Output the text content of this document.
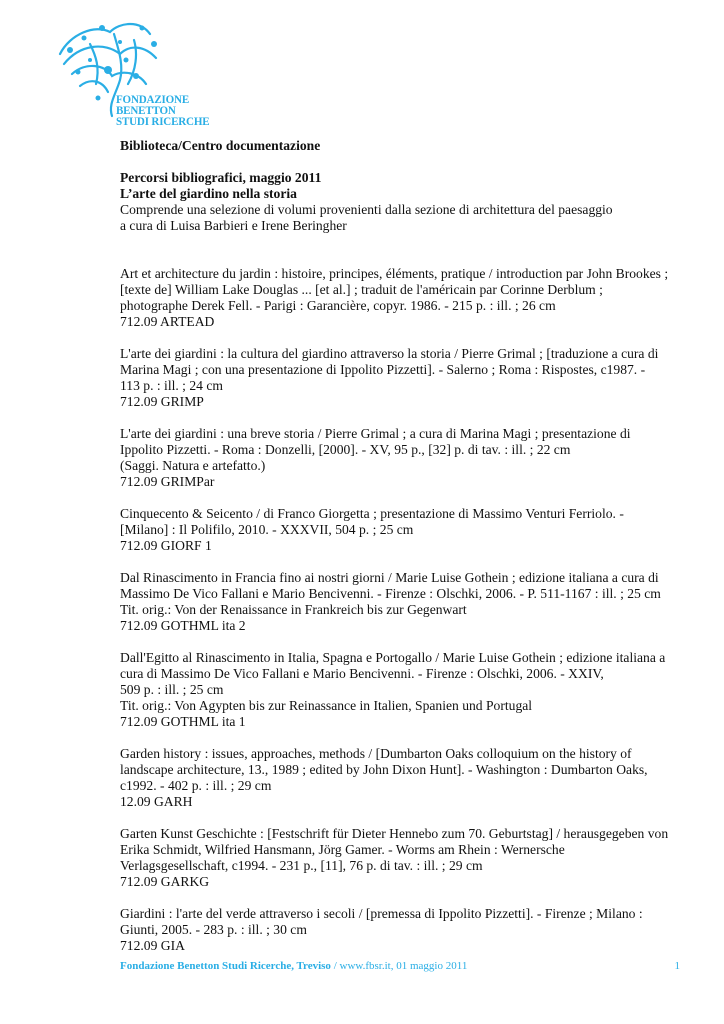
FONDAZIONE
BENETTON
STUDI RICERCHE

Biblioteca/Centro documentazione

Percorsi bibliografici, maggio 2011

L’arte del giardino nella storia

Comprende una selezione di volumi provenienti dalla sezione di architettura del paesaggio

a cura di Luisa Barbieri e Irene Beringher

Art et architecture du jardin : histoire, principes, éléments, pratique / introduction par John Brookes ;

[texte de] William Lake Douglas ... [et al.] ; traduit de l'américain par Corinne Derblum ;

photographe Derek Fell. - Parigi : Garancière, copyr. 1986. - 215 p. : ill. ; 26 cm

712.09 ARTEAD

L'arte dei giardini : la cultura del giardino attraverso la storia / Pierre Grimal ; [traduzione a cura di

Marina Magi ; con una presentazione di Ippolito Pizzetti]. - Salerno ; Roma : Rispostes, c1987. -

113 p. : ill. ; 24 cm

712.09 GRIMP

L'arte dei giardini : una breve storia / Pierre Grimal ; a cura di Marina Magi ; presentazione di

Ippolito Pizzetti. - Roma : Donzelli, [2000]. - XV, 95 p., [32] p. di tav. : ill. ; 22 cm

(Saggi. Natura e artefatto.)

712.09 GRIMPar

Cinquecento & Seicento / di Franco Giorgetta ; presentazione di Massimo Venturi Ferriolo. -

[Milano] : Il Polifilo, 2010. - XXXVII, 504 p. ; 25 cm

712.09 GIORF 1

Dal Rinascimento in Francia fino ai nostri giorni / Marie Luise Gothein ; edizione italiana a cura di

Massimo De Vico Fallani e Mario Bencivenni. - Firenze : Olschki, 2006. - P. 511-1167 : ill. ; 25 cm

Tit. orig.: Von der Renaissance in Frankreich bis zur Gegenwart

712.09 GOTHML ita 2

Dall'Egitto al Rinascimento in Italia, Spagna e Portogallo / Marie Luise Gothein ; edizione italiana a

cura di Massimo De Vico Fallani e Mario Bencivenni. - Firenze : Olschki, 2006. - XXIV,

509 p. : ill. ; 25 cm

Tit. orig.: Von Agypten bis zur Reinassance in Italien, Spanien und Portugal

712.09 GOTHML ita 1

Garden history : issues, approaches, methods / [Dumbarton Oaks colloquium on the history of

landscape architecture, 13., 1989 ; edited by John Dixon Hunt]. - Washington : Dumbarton Oaks,

c1992. - 402 p. : ill. ; 29 cm

12.09 GARH

Garten Kunst Geschichte : [Festschrift für Dieter Hennebo zum 70. Geburtstag] / herausgegeben von

Erika Schmidt, Wilfried Hansmann, Jörg Gamer. - Worms am Rhein : Wernersche

Verlagsgesellschaft, c1994. - 231 p., [11], 76 p. di tav. : ill. ; 29 cm

712.09 GARKG

Giardini : l'arte del verde attraverso i secoli / [premessa di Ippolito Pizzetti]. - Firenze ; Milano :

Giunti, 2005. - 283 p. : ill. ; 30 cm

712.09 GIA

Fondazione Benetton Studi Ricerche, Treviso / www.fbsr.it, 01 maggio 2011	1
